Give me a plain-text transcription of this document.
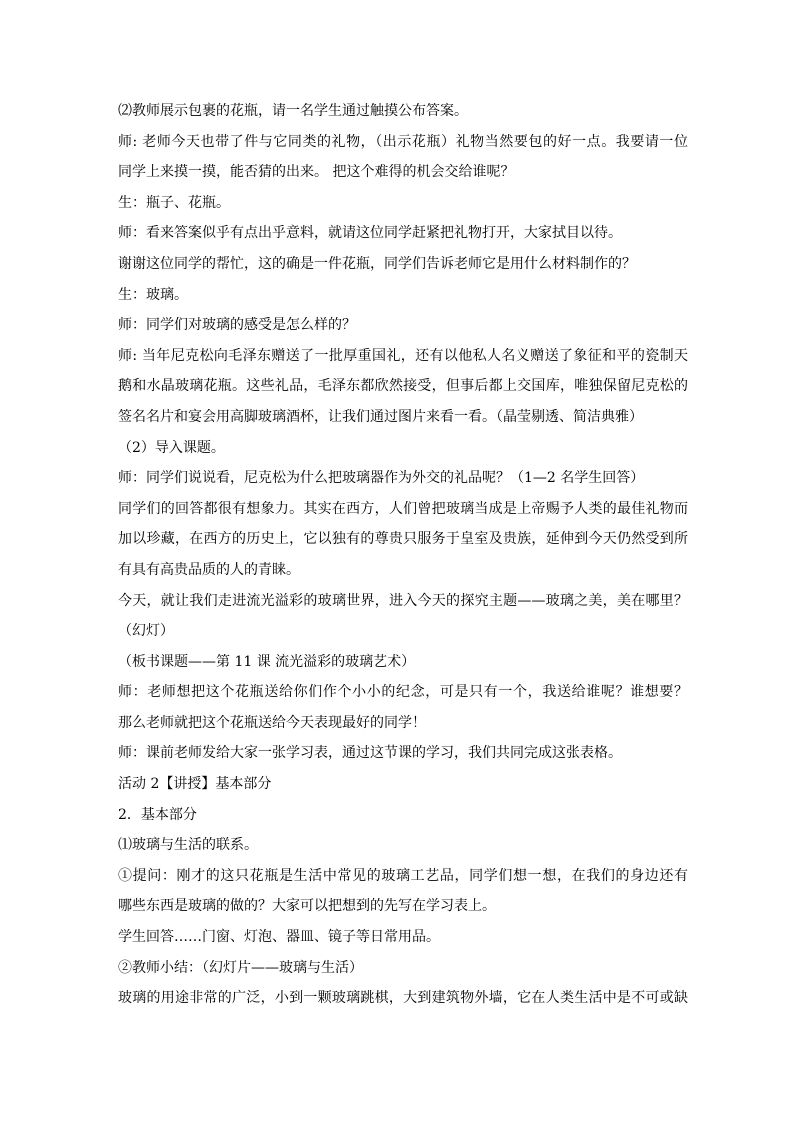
⑵教师展示包裹的花瓶，请一名学生通过触摸公布答案。
师: 老师今天也带了件与它同类的礼物，（出示花瓶）礼物当然要包的好一点。我要请一位
同学上来摸一摸，能否猜的出来。 把这个难得的机会交给谁呢？
生：瓶子、花瓶。
师：看来答案似乎有点出乎意料，就请这位同学赶紧把礼物打开，大家拭目以待。
谢谢这位同学的帮忙，这的确是一件花瓶，同学们告诉老师它是用什么材料制作的？
生：玻璃。
师：同学们对玻璃的感受是怎么样的？
师: 当年尼克松向毛泽东赠送了一批厚重国礼，还有以他私人名义赠送了象征和平的瓷制天
鹅和水晶玻璃花瓶。这些礼品，毛泽东都欣然接受，但事后都上交国库，唯独保留尼克松的
签名名片和宴会用高脚玻璃酒杯，让我们通过图片来看一看。（晶莹剔透、简洁典雅）
（2）导入课题。
师：同学们说说看，尼克松为什么把玻璃器作为外交的礼品呢？（1—2 名学生回答）
同学们的回答都很有想象力。其实在西方，人们曾把玻璃当成是上帝赐予人类的最佳礼物而
加以珍藏，在西方的历史上，它以独有的尊贵只服务于皇室及贵族，延伸到今天仍然受到所
有具有高贵品质的人的青睐。
今天，就让我们走进流光溢彩的玻璃世界，进入今天的探究主题——玻璃之美，美在哪里？
（幻灯）
（板书课题——第 11 课 流光溢彩的玻璃艺术）
师：老师想把这个花瓶送给你们作个小小的纪念，可是只有一个，我送给谁呢？谁想要？
那么老师就把这个花瓶送给今天表现最好的同学！
师：课前老师发给大家一张学习表，通过这节课的学习，我们共同完成这张表格。
活动 2【讲授】基本部分
2．基本部分
⑴玻璃与生活的联系。
①提问：刚才的这只花瓶是生活中常见的玻璃工艺品，同学们想一想，在我们的身边还有
哪些东西是玻璃的做的？大家可以把想到的先写在学习表上。
学生回答……门窗、灯泡、器皿、镜子等日常用品。
②教师小结：（幻灯片——玻璃与生活）
玻璃的用途非常的广泛，小到一颗玻璃跳棋，大到建筑物外墙，它在人类生活中是不可或缺
